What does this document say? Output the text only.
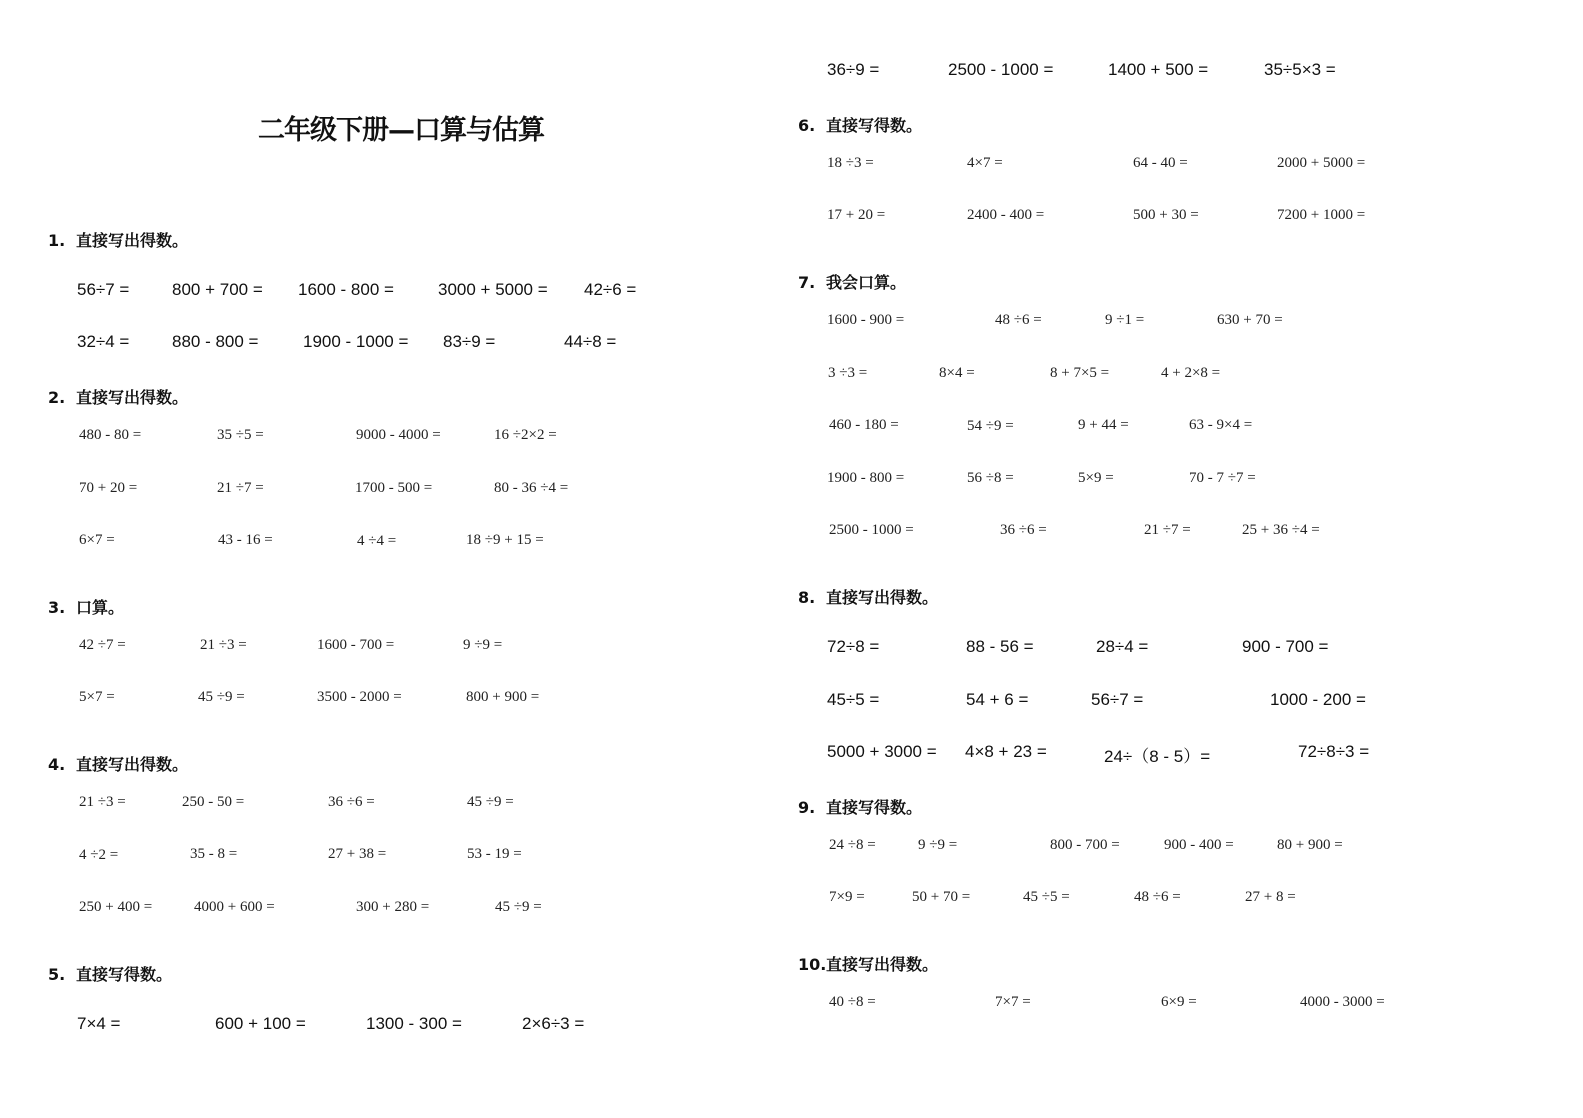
二年级下册—口算与估算
36÷9 =	2500 - 1000 =	1400 + 500 =	35÷5×3 =
1. 直接写出得数。
56÷7 =	800 + 700 = 1600 - 800 =	3000 + 5000 = 42÷6 =
32÷4 =	880 - 800 =	1900 - 1000 = 83÷9 =	44÷8 =
2. 直接写出得数。
480 - 80 =	35 ÷5 =	9000 - 4000 =	16 ÷2×2 =
70 + 20 =	21 ÷7 =	1700 - 500 =	80 - 36 ÷4 =
6×7 =	43 - 16 =	4 ÷4 =	18 ÷9 + 15 =
3. 口算。
42 ÷7 =	21 ÷3 =	1600 - 700 =	9 ÷9 =
5×7 =	45 ÷9 =	3500 - 2000 =	800 + 900 =
4. 直接写出得数。
21 ÷3 =	250 - 50 =	36 ÷6 =	45 ÷9 =
4 ÷2 =	35 - 8 =	27 + 38 =	53 - 19 =
250 + 400 =	4000 + 600 =	300 + 280 =	45 ÷9 =
5. 直接写得数。
7×4 =	600 + 100 =	1300 - 300 =	2×6÷3 =
6. 直接写得数。
18 ÷3 =	4×7 =	64 - 40 =	2000 + 5000 =
17 + 20 =	2400 - 400 =	500 + 30 =	7200 + 1000 =
7. 我会口算。
1600 - 900 =	48 ÷6 =	9 ÷1 =	630 + 70 =
3 ÷3 =	8×4 =	8 + 7×5 =	4 + 2×8 =
460 - 180 =	54 ÷9 =	9 + 44 =	63 - 9×4 =
1900 - 800 =	56 ÷8 =	5×9 =	70 - 7 ÷7 =
2500 - 1000 =	36 ÷6 =	21 ÷7 =	25 + 36 ÷4 =
8. 直接写出得数。
72÷8 =	88 - 56 =	28÷4 =	900 - 700 =
45÷5 =	54 + 6 =	56÷7 =	1000 - 200 =
5000 + 3000 = 4×8 + 23 =	24÷（8 - 5）=	72÷8÷3 =
9. 直接写得数。
24 ÷8 =	9 ÷9 =	800 - 700 =	900 - 400 =	80 + 900 =
7×9 =	50 + 70 =	45 ÷5 =	48 ÷6 =	27 + 8 =
10.直接写出得数。
40 ÷8 =	7×7 =	6×9 =	4000 - 3000 =
